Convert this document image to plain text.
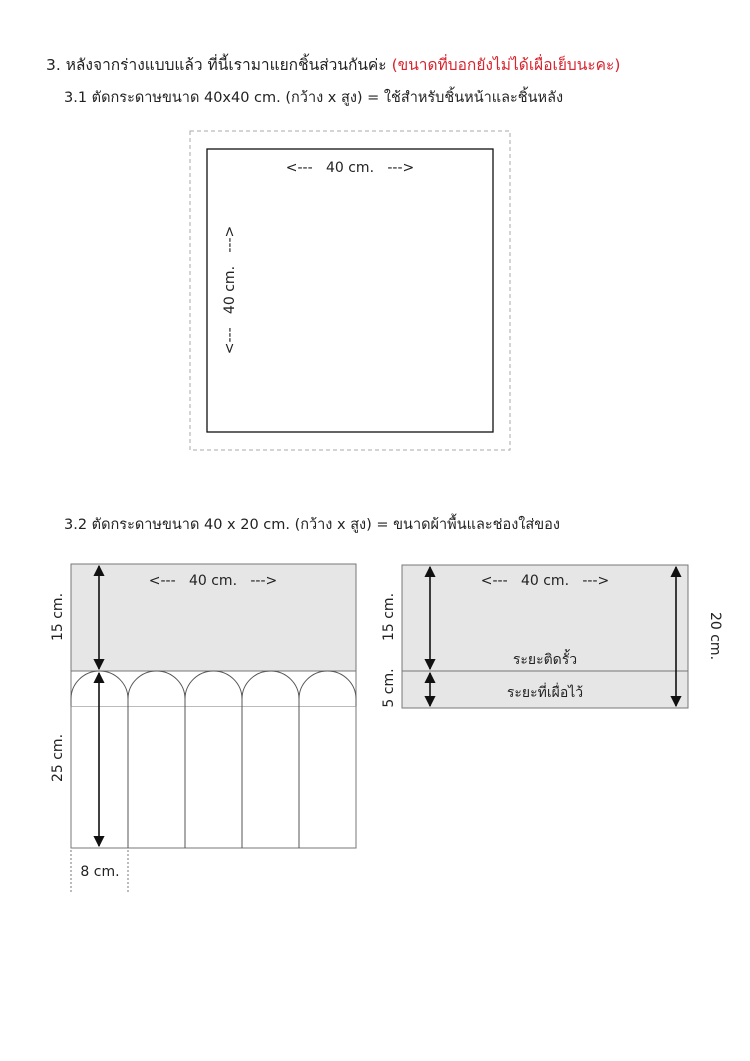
3. หลังจากร่างแบบแล้ว ที่นี้เรามาแยกชิ้นส่วนกันค่ะ (ขนาดที่บอกยังไม่ได้เผื่อเย็บนะคะ)
3.1 ตัดกระดาษขนาด 40x40 cm. (กว้าง x สูง) = ใช้สำหรับชิ้นหน้าและชิ้นหลัง
3.2 ตัดกระดาษขนาด 40 x 20 cm. (กว้าง x สูง) = ขนาดผ้าพื้นและช่องใส่ของ
<---   40 cm.   --->
<---   40 cm.   --->
<---   40 cm.   --->
15 cm.
25 cm.
8 cm.
<---   40 cm.   --->
15 cm.
5 cm.
20 cm.
ระยะติดรั้ว
ระยะที่เผื่อไว้
